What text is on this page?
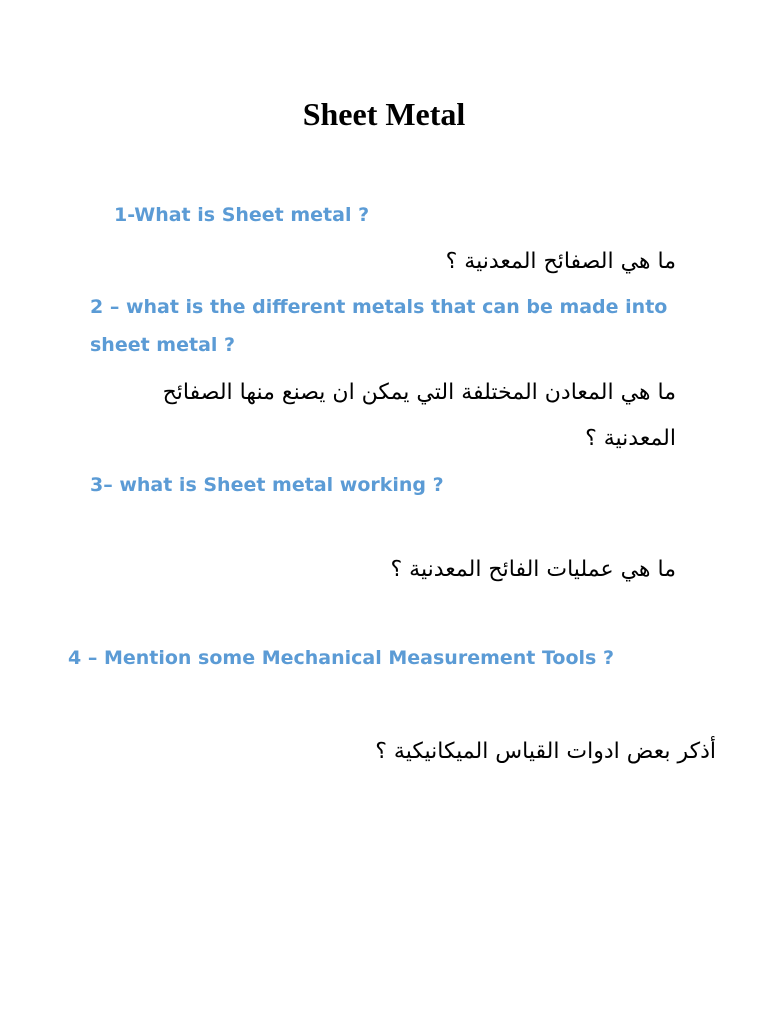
Sheet Metal
1-What is Sheet metal ?
ما هي الصفائح المعدنية ؟
2 – what is the different metals that can be made into sheet metal ?
ما هي المعادن المختلفة التي يمكن ان يصنع منها الصفائح المعدنية ؟
3– what is Sheet metal working ?
ما هي عمليات الفائح المعدنية ؟
4 – Mention some Mechanical Measurement Tools ?
أذكر بعض ادوات القياس الميكانيكية ؟
